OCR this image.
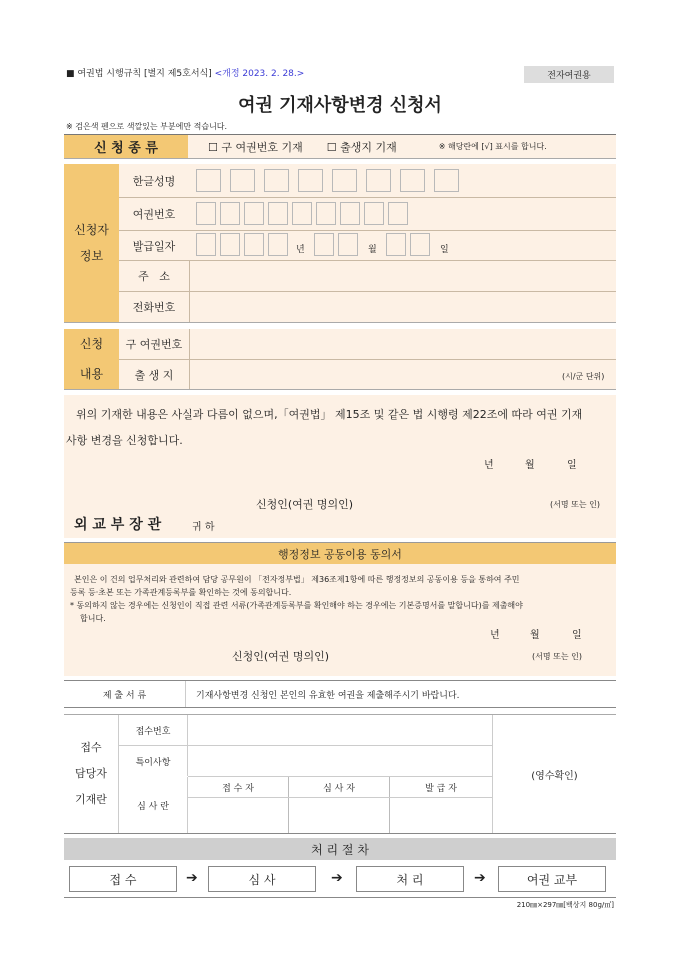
■ 여권법 시행규칙 [별지 제5호서식] <개정 2023. 2. 28.>	전자여권용
여권 기재사항변경 신청서
※ 검은색 펜으로 색깔있는 부분에만 적습니다.
신 청 종 류	☐ 구 여권번호 기재 ☐ 출생지 기재	※ 해당란에 [√] 표시를 합니다.
신청자
정보
한글성명
여권번호
발급일자	년	월	일
주   소
전화번호
신청
내용
구 여권번호
출 생 지	(시/군 단위)
위의 기재한 내용은 사실과 다름이 없으며,「여권법」 제15조 및 같은 법 시행령 제22조에 따라 여권 기재
사항 변경을 신청합니다.
년	월	일
신청인(여권 명의인)	(서명 또는 인)
외 교 부 장 관	귀 하
행정정보 공동이용 동의서
본인은 이 건의 업무처리와 관련하여 담당 공무원이 「전자정부법」 제36조제1항에 따른 행정정보의 공동이용 등을 통하여 주민
등록 등·초본 또는 가족관계등록부를 확인하는 것에 동의합니다.
* 동의하지 않는 경우에는 신청인이 직접 관련 서류(가족관계등록부를 확인해야 하는 경우에는 기본증명서를 말합니다)를 제출해야
합니다.
년	월	일
신청인(여권 명의인)	(서명 또는 인)
제 출 서 류	기재사항변경 신청인 본인의 유효한 여권을 제출해주시기 바랍니다.
접수
담당자
기재란
접수번호
특이사항
심 사 란
접 수 자	심 사 자	발 급 자
(영수확인)
처 리 절 차
접 수	➔	심 사	➔	처 리	➔	여권 교부
210㎜×297㎜[백상지 80g/㎡]
